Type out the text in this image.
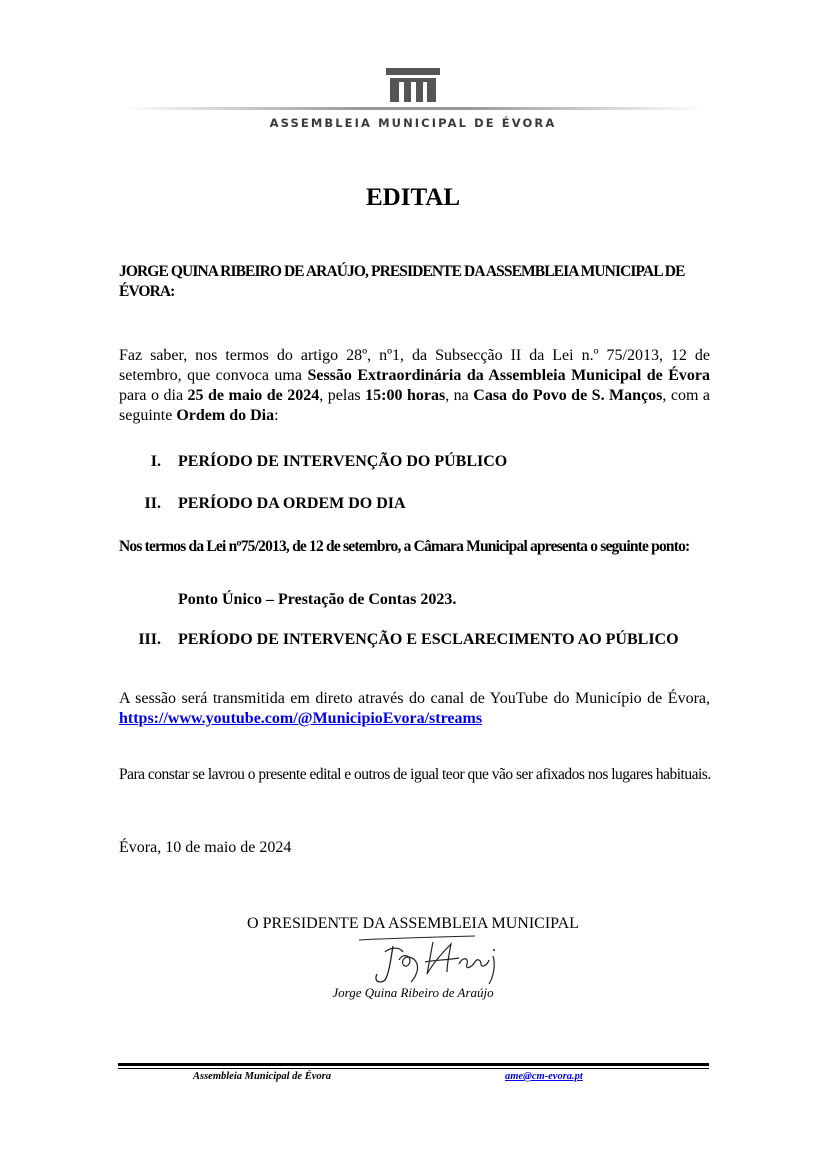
ASSEMBLEIA MUNICIPAL DE ÉVORA
EDITAL
JORGE QUINA RIBEIRO DE ARAÚJO, PRESIDENTE DA ASSEMBLEIA MUNICIPAL DE ÉVORA:
Faz saber, nos termos do artigo 28º, nº1, da Subsecção II da Lei n.º 75/2013, 12 de setembro, que convoca uma Sessão Extraordinária da Assembleia Municipal de Évora para o dia 25 de maio de 2024, pelas 15:00 horas, na Casa do Povo de S. Manços, com a seguinte Ordem do Dia:
I. PERÍODO DE INTERVENÇÃO DO PÚBLICO
II. PERÍODO DA ORDEM DO DIA
Nos termos da Lei nº75/2013, de 12 de setembro, a Câmara Municipal apresenta o seguinte ponto:
Ponto Único – Prestação de Contas 2023.
III. PERÍODO DE INTERVENÇÃO E ESCLARECIMENTO AO PÚBLICO
A sessão será transmitida em direto através do canal de YouTube do Município de Évora, https://www.youtube.com/@MunicipioEvora/streams
Para constar se lavrou o presente edital e outros de igual teor que vão ser afixados nos lugares habituais.
Évora, 10 de maio de 2024
O PRESIDENTE DA ASSEMBLEIA MUNICIPAL
Jorge Quina Ribeiro de Araújo
Assembleia Municipal de Évora	ame@cm-evora.pt
